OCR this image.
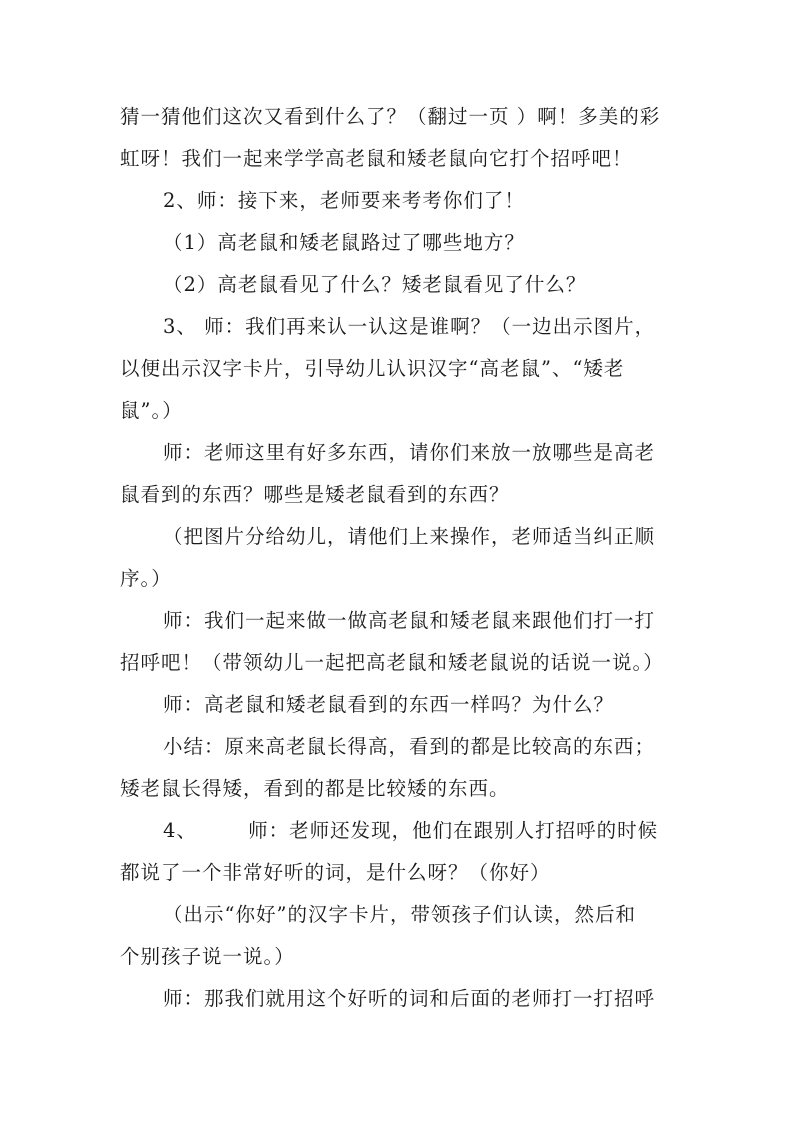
猜一猜他们这次又看到什么了？（翻过一页 ）啊！多美的彩
虹呀！我们一起来学学高老鼠和矮老鼠向它打个招呼吧！
2、师：接下来，老师要来考考你们了！
（1）高老鼠和矮老鼠路过了哪些地方？
（2）高老鼠看见了什么？矮老鼠看见了什么？
3、 师：我们再来认一认这是谁啊？（一边出示图片，
以便出示汉字卡片，引导幼儿认识汉字“高老鼠”、“矮老
鼠”。）
师：老师这里有好多东西，请你们来放一放哪些是高老
鼠看到的东西？哪些是矮老鼠看到的东西？
（把图片分给幼儿，请他们上来操作，老师适当纠正顺
序。）
师：我们一起来做一做高老鼠和矮老鼠来跟他们打一打
招呼吧！（带领幼儿一起把高老鼠和矮老鼠说的话说一说。）
师：高老鼠和矮老鼠看到的东西一样吗？为什么？
小结：原来高老鼠长得高，看到的都是比较高的东西；
矮老鼠长得矮，看到的都是比较矮的东西。
4、 师：老师还发现，他们在跟别人打招呼的时候
都说了一个非常好听的词，是什么呀？（你好）
（出示“你好”的汉字卡片，带领孩子们认读，然后和
个别孩子说一说。）
师：那我们就用这个好听的词和后面的老师打一打招呼
